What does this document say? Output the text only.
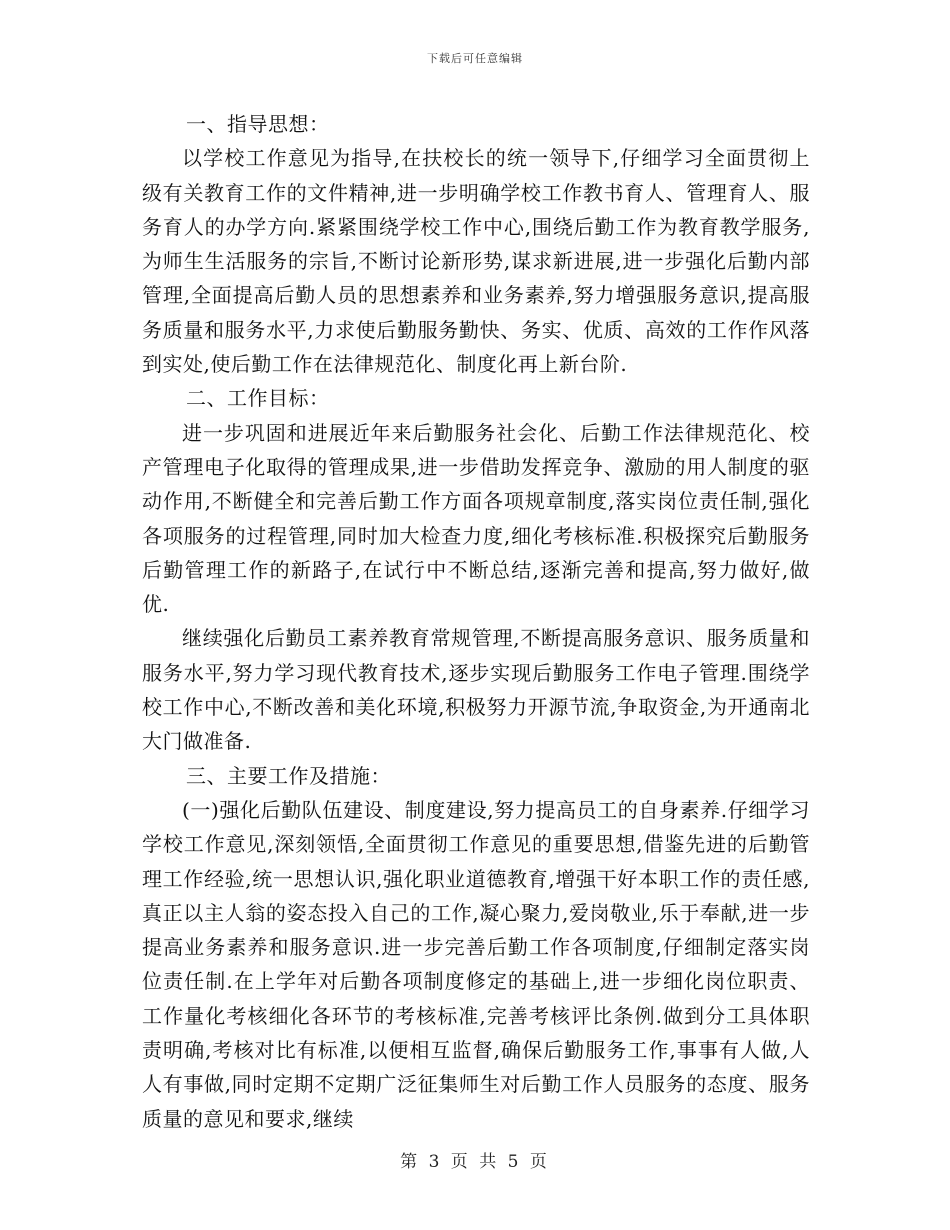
下载后可任意编辑

一、指导思想：

以学校工作意见为指导,在扶校长的统一领导下,仔细学习全面贯彻上级有关教育工作的文件精神,进一步明确学校工作教书育人、管理育人、服务育人的办学方向.紧紧围绕学校工作中心,围绕后勤工作为教育教学服务,为师生生活服务的宗旨,不断讨论新形势,谋求新进展,进一步强化后勤内部管理,全面提高后勤人员的思想素养和业务素养,努力增强服务意识,提高服务质量和服务水平,力求使后勤服务勤快、务实、优质、高效的工作作风落到实处,使后勤工作在法律规范化、制度化再上新台阶.

二、工作目标：

进一步巩固和进展近年来后勤服务社会化、后勤工作法律规范化、校产管理电子化取得的管理成果,进一步借助发挥竞争、激励的用人制度的驱动作用,不断健全和完善后勤工作方面各项规章制度,落实岗位责任制,强化各项服务的过程管理,同时加大检查力度,细化考核标准.积极探究后勤服务后勤管理工作的新路子,在试行中不断总结,逐渐完善和提高,努力做好,做优.

继续强化后勤员工素养教育常规管理,不断提高服务意识、服务质量和服务水平,努力学习现代教育技术,逐步实现后勤服务工作电子管理.围绕学校工作中心,不断改善和美化环境,积极努力开源节流,争取资金,为开通南北大门做准备.

三、主要工作及措施：

(一)强化后勤队伍建设、制度建设,努力提高员工的自身素养.仔细学习学校工作意见,深刻领悟,全面贯彻工作意见的重要思想,借鉴先进的后勤管理工作经验,统一思想认识,强化职业道德教育,增强干好本职工作的责任感,真正以主人翁的姿态投入自己的工作,凝心聚力,爱岗敬业,乐于奉献,进一步提高业务素养和服务意识.进一步完善后勤工作各项制度,仔细制定落实岗位责任制.在上学年对后勤各项制度修定的基础上,进一步细化岗位职责、工作量化考核细化各环节的考核标准,完善考核评比条例.做到分工具体职责明确,考核对比有标准,以便相互监督,确保后勤服务工作,事事有人做,人人有事做,同时定期不定期广泛征集师生对后勤工作人员服务的态度、服务质量的意见和要求,继续

第 3 页 共 5 页
